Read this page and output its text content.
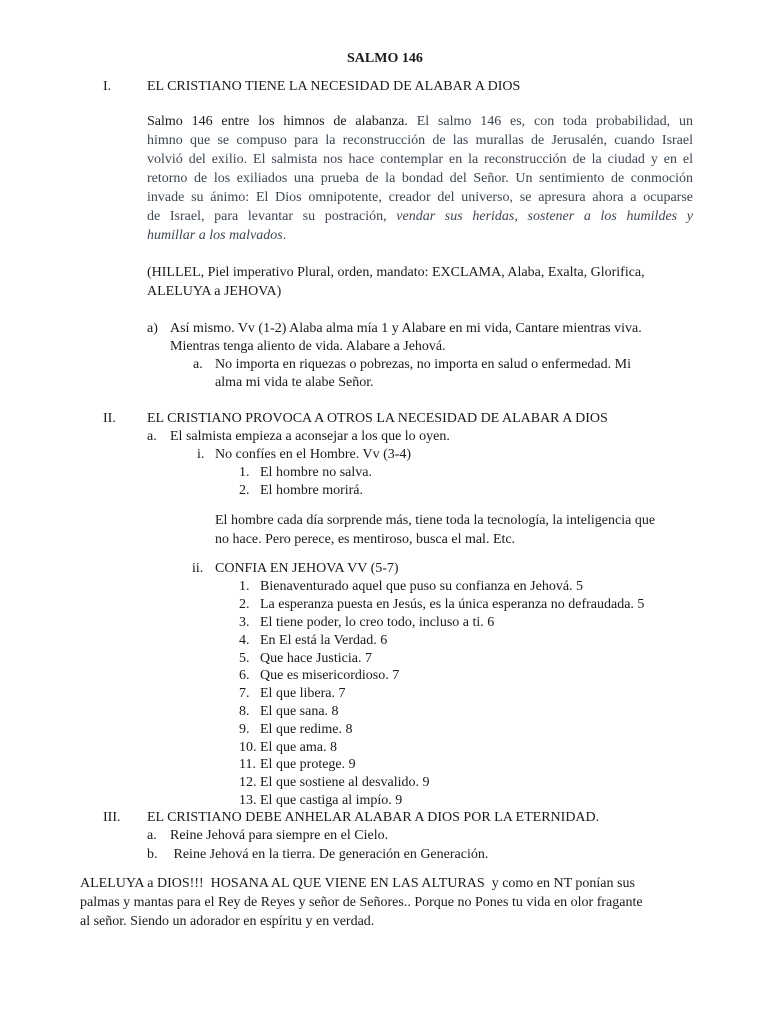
SALMO 146
I.	EL CRISTIANO TIENE LA NECESIDAD DE ALABAR A DIOS
Salmo 146 entre los himnos de alabanza. El salmo 146 es, con toda probabilidad, un
himno que se compuso para la reconstrucción de las murallas de Jerusalén, cuando Israel
volvió del exilio. El salmista nos hace contemplar en la reconstrucción de la ciudad y en el
retorno de los exiliados una prueba de la bondad del Señor. Un sentimiento de conmoción
invade su ánimo: El Dios omnipotente, creador del universo, se apresura ahora a ocuparse
de Israel, para levantar su postración, vendar sus heridas, sostener a los humildes y
humillar a los malvados.
(HILLEL, Piel imperativo Plural, orden, mandato: EXCLAMA, Alaba, Exalta, Glorifica,
ALELUYA a JEHOVA)
a) Así mismo. Vv (1-2) Alaba alma mía 1 y Alabare en mi vida, Cantare mientras viva.
Mientras tenga aliento de vida. Alabare a Jehová.
a. No importa en riquezas o pobrezas, no importa en salud o enfermedad. Mi
alma mi vida te alabe Señor.
II. EL CRISTIANO PROVOCA A OTROS LA NECESIDAD DE ALABAR A DIOS
a. El salmista empieza a aconsejar a los que lo oyen.
i. No confíes en el Hombre. Vv (3-4)
1. El hombre no salva.
2. El hombre morirá.
El hombre cada día sorprende más, tiene toda la tecnología, la inteligencia que
no hace. Pero perece, es mentiroso, busca el mal. Etc.
ii. CONFIA EN JEHOVA VV (5-7)
1. Bienaventurado aquel que puso su confianza en Jehová. 5
2. La esperanza puesta en Jesús, es la única esperanza no defraudada. 5
3. El tiene poder, lo creo todo, incluso a ti. 6
4. En El está la Verdad. 6
5. Que hace Justicia. 7
6. Que es misericordioso. 7
7. El que libera. 7
8. El que sana. 8
9. El que redime. 8
10. El que ama. 8
11. El que protege. 9
12. El que sostiene al desvalido. 9
13. El que castiga al impío. 9
III. EL CRISTIANO DEBE ANHELAR ALABAR A DIOS POR LA ETERNIDAD.
a. Reine Jehová para siempre en el Cielo.
b. Reine Jehová en la tierra. De generación en Generación.
ALELUYA a DIOS!!!  HOSANA AL QUE VIENE EN LAS ALTURAS  y como en NT ponían sus
palmas y mantas para el Rey de Reyes y señor de Señores.. Porque no Pones tu vida en olor fragante
al señor. Siendo un adorador en espíritu y en verdad.
